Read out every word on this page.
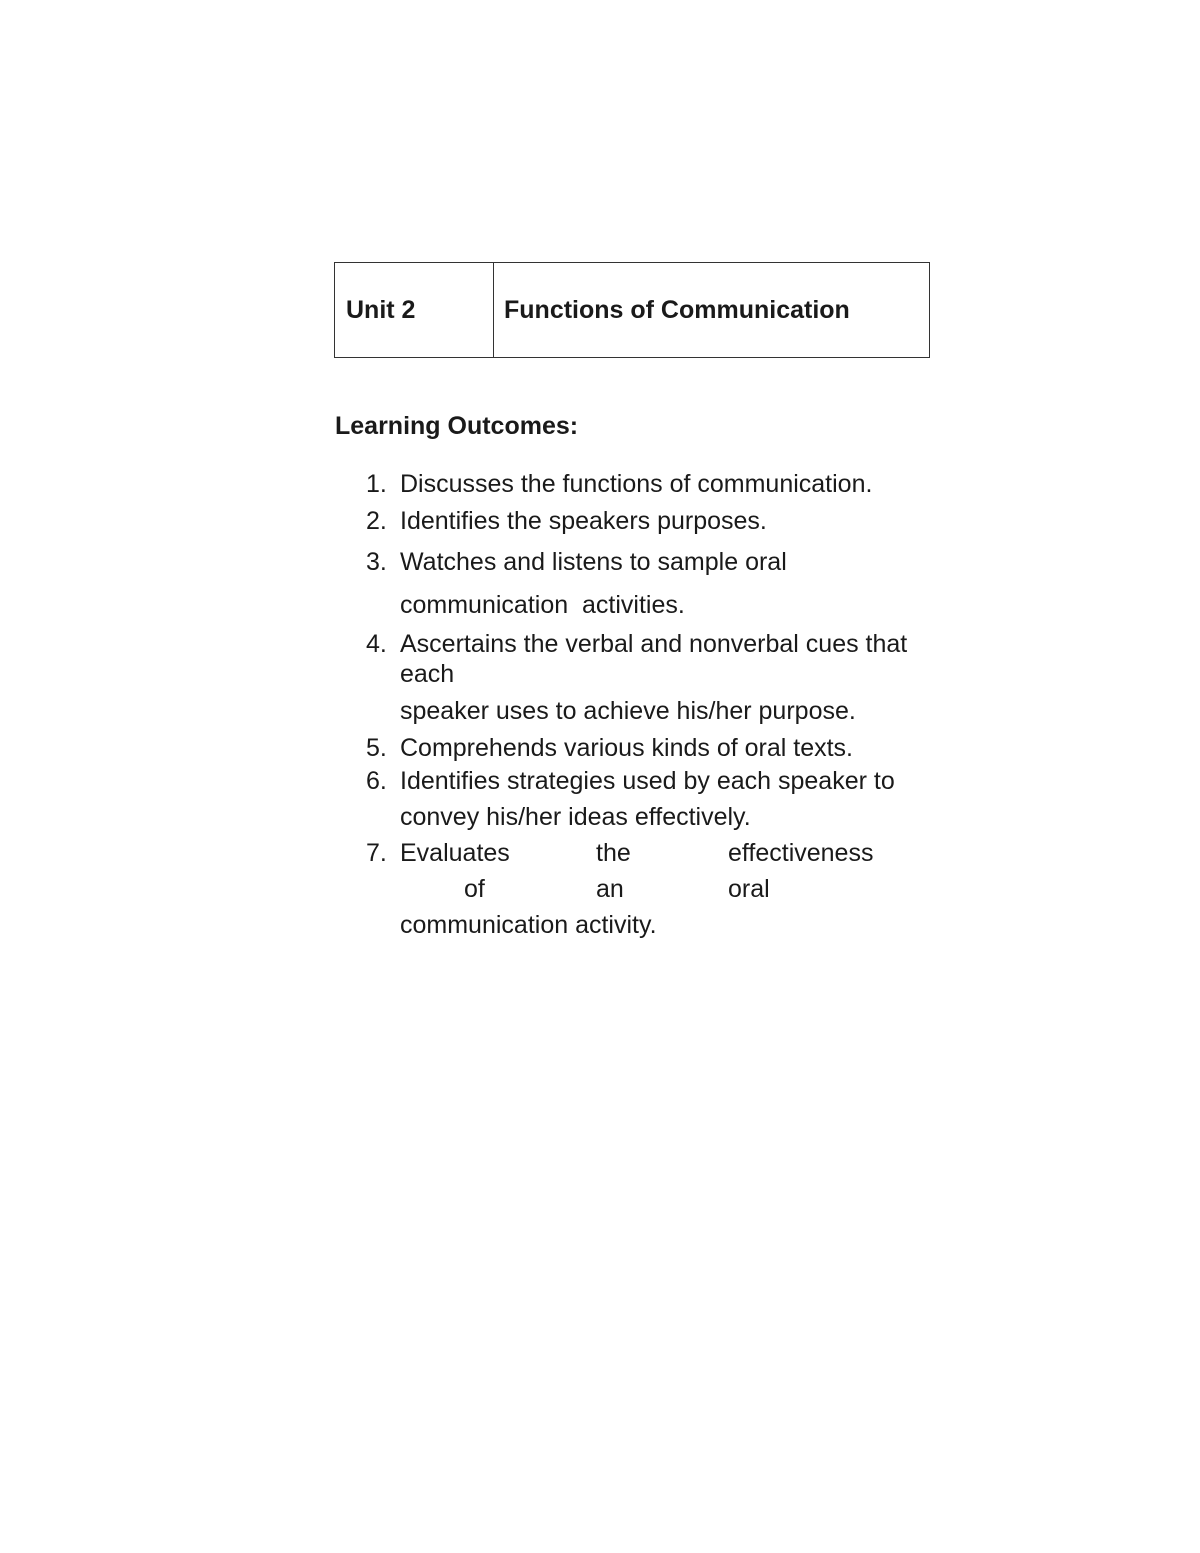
Unit 2	Functions of Communication
Learning Outcomes:
1. Discusses the functions of communication.
2. Identifies the speakers purposes.
3. Watches and listens to sample oral
communication  activities.
4. Ascertains the verbal and nonverbal cues that
each
speaker uses to achieve his/her purpose.
5. Comprehends various kinds of oral texts.
6. Identifies strategies used by each speaker to
convey his/her ideas effectively.
7. Evaluates	the	effectiveness
of	an	oral
communication activity.
